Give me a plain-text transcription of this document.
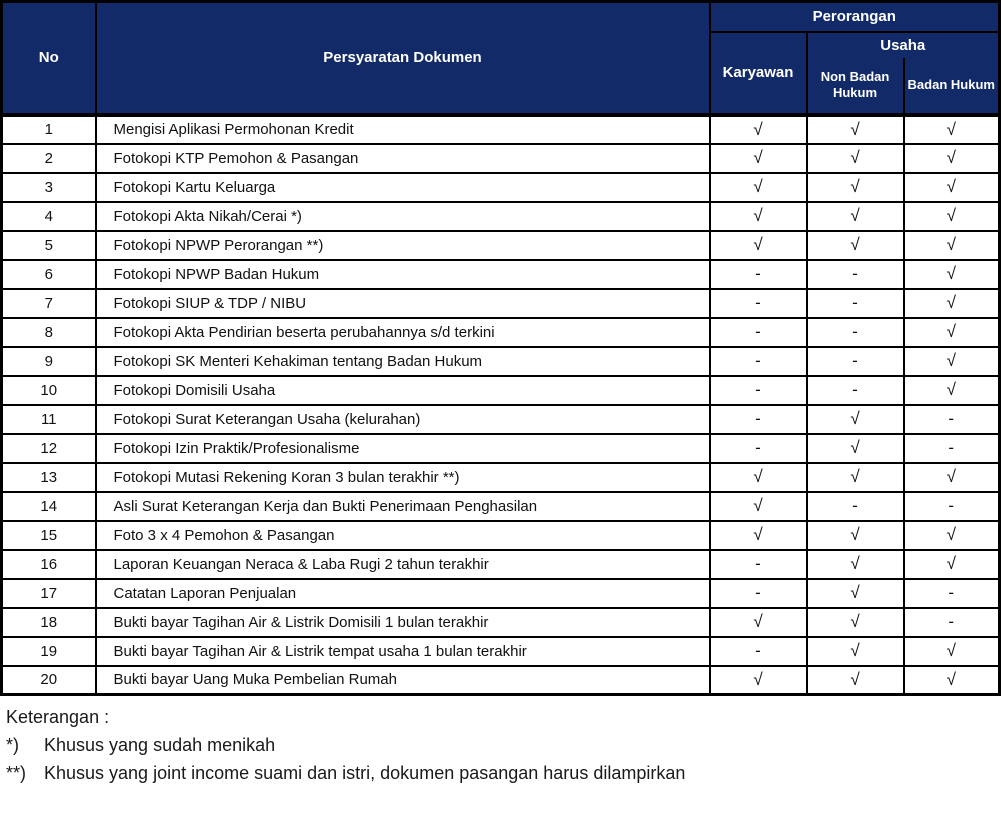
No	Persyaratan Dokumen	Perorangan		
		Karyawan	Usaha	
			Non Badan Hukum	Badan Hukum
1	Mengisi Aplikasi Permohonan Kredit	√	√	√
2	Fotokopi KTP Pemohon & Pasangan	√	√	√
3	Fotokopi Kartu Keluarga	√	√	√
4	Fotokopi Akta Nikah/Cerai *)	√	√	√
5	Fotokopi NPWP Perorangan **)	√	√	√
6	Fotokopi NPWP Badan Hukum	-	-	√
7	Fotokopi SIUP & TDP / NIBU	-	-	√
8	Fotokopi Akta Pendirian beserta perubahannya s/d terkini	-	-	√
9	Fotokopi SK Menteri Kehakiman tentang Badan Hukum	-	-	√
10	Fotokopi Domisili Usaha	-	-	√
11	Fotokopi Surat Keterangan Usaha (kelurahan)	-	√	-
12	Fotokopi Izin Praktik/Profesionalisme	-	√	-
13	Fotokopi Mutasi Rekening Koran 3 bulan terakhir **)	√	√	√
14	Asli Surat Keterangan Kerja dan Bukti Penerimaan Penghasilan	√	-	-
15	Foto 3 x 4 Pemohon & Pasangan	√	√	√
16	Laporan Keuangan Neraca & Laba Rugi 2 tahun terakhir	-	√	√
17	Catatan Laporan Penjualan	-	√	-
18	Bukti bayar Tagihan Air & Listrik Domisili 1 bulan terakhir	√	√	-
19	Bukti bayar Tagihan Air & Listrik tempat usaha 1 bulan terakhir	-	√	√
20	Bukti bayar Uang Muka Pembelian Rumah	√	√	√
Keterangan :
*)	Khusus yang sudah menikah
**) Khusus yang joint income suami dan istri, dokumen pasangan harus dilampirkan
